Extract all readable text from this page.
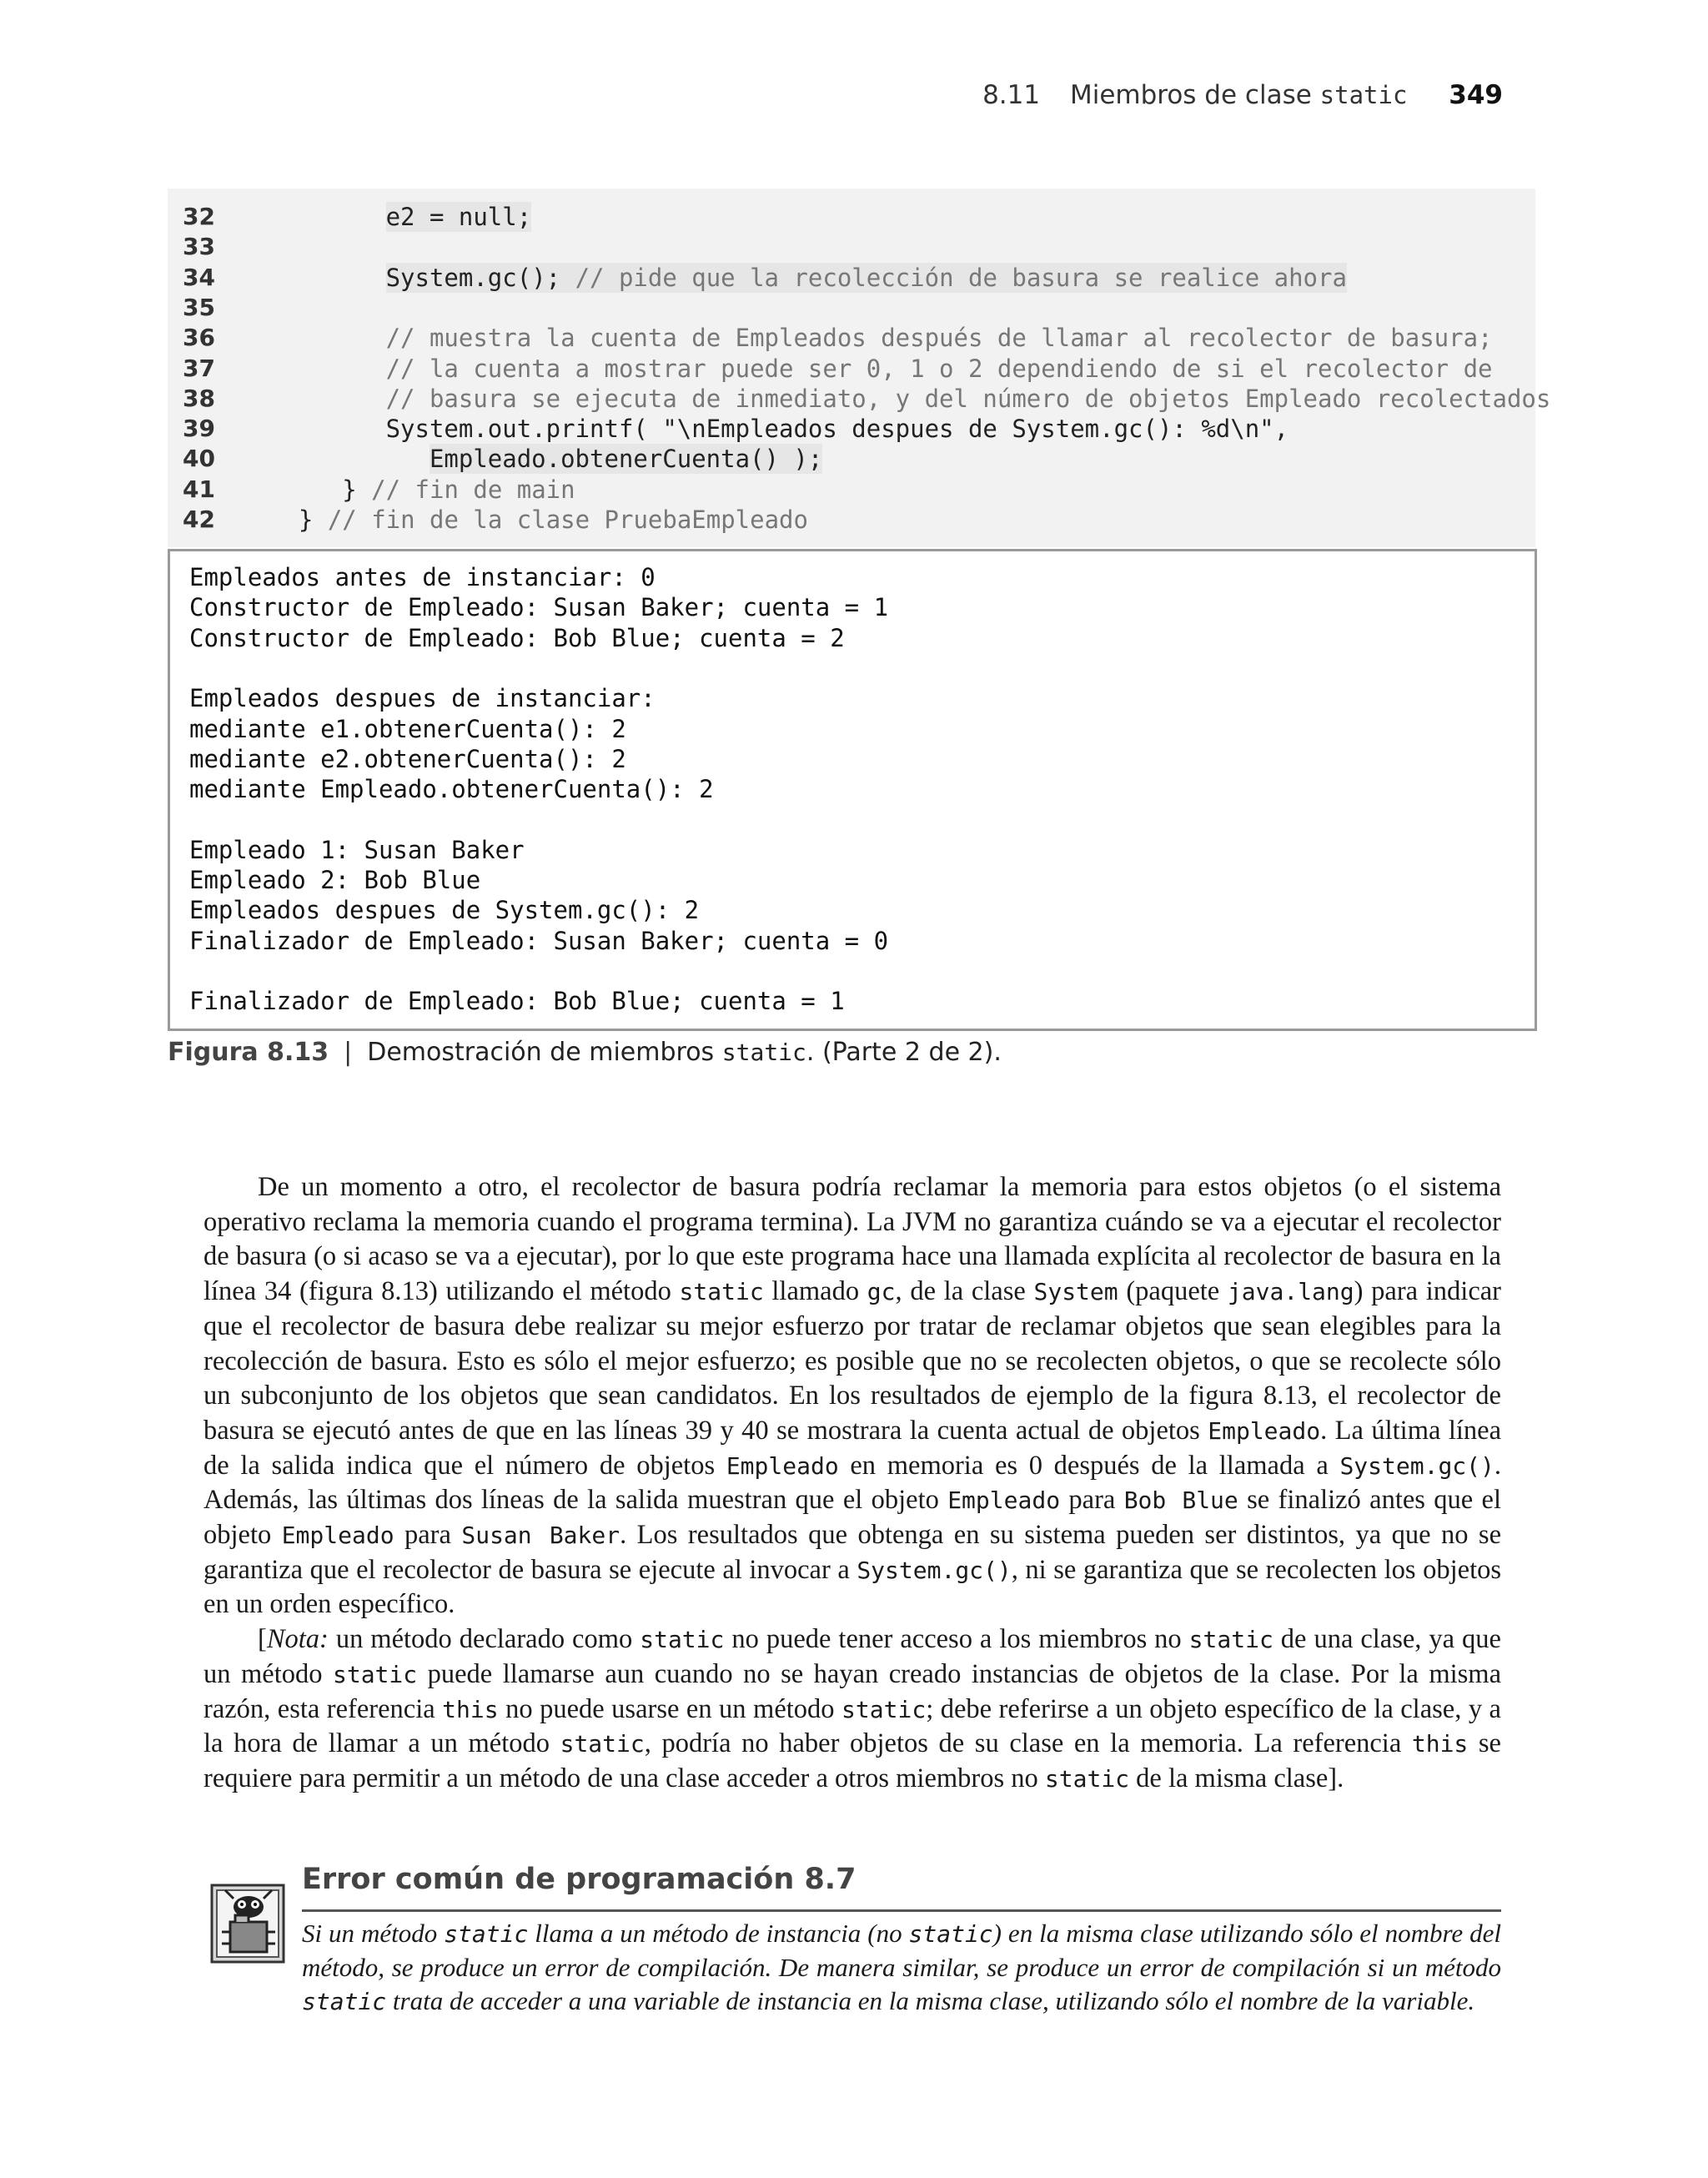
8.11 Miembros de clase static 349
32	e2 = null;
33
34	System.gc(); // pide que la recolección de basura se realice ahora
35
36	// muestra la cuenta de Empleados después de llamar al recolector de basura;
37	// la cuenta a mostrar puede ser 0, 1 o 2 dependiendo de si el recolector de
38	// basura se ejecuta de inmediato, y del número de objetos Empleado recolectados
39	System.out.printf( "\nEmpleados despues de System.gc(): %d\n",
40	Empleado.obtenerCuenta() );
41	} // fin de main
42	} // fin de la clase PruebaEmpleado
Empleados antes de instanciar: 0
Constructor de Empleado: Susan Baker; cuenta = 1
Constructor de Empleado: Bob Blue; cuenta = 2
Empleados despues de instanciar:
mediante e1.obtenerCuenta(): 2
mediante e2.obtenerCuenta(): 2
mediante Empleado.obtenerCuenta(): 2
Empleado 1: Susan Baker
Empleado 2: Bob Blue
Empleados despues de System.gc(): 2
Finalizador de Empleado: Susan Baker; cuenta = 0
Finalizador de Empleado: Bob Blue; cuenta = 1
Figura 8.13 | Demostración de miembros static. (Parte 2 de 2).

De un momento a otro, el recolector de basura podría reclamar la memoria para estos objetos (o el sistema operativo reclama la memoria cuando el programa termina). La JVM no garantiza cuándo se va a ejecutar el recolector de basura (o si acaso se va a ejecutar), por lo que este programa hace una llamada explícita al recolector de basura en la línea 34 (figura 8.13) utilizando el método static llamado gc, de la clase System (paquete java.lang) para indicar que el recolector de basura debe realizar su mejor esfuerzo por tratar de reclamar objetos que sean elegibles para la recolección de basura. Esto es sólo el mejor esfuerzo; es posible que no se recolecten objetos, o que se recolecte sólo un subconjunto de los objetos que sean candidatos. En los resultados de ejemplo de la figura 8.13, el recolector de basura se ejecutó antes de que en las líneas 39 y 40 se mostrara la cuenta actual de objetos Empleado. La última línea de la salida indica que el número de objetos Empleado en memoria es 0 después de la llamada a System.gc(). Además, las últimas dos líneas de la salida muestran que el objeto Empleado para Bob Blue se finalizó antes que el objeto Empleado para Susan Baker. Los resultados que obtenga en su sistema pueden ser distintos, ya que no se garantiza que el recolector de basura se ejecute al invocar a System.gc(), ni se garantiza que se recolecten los objetos en un orden específico.

[Nota: un método declarado como static no puede tener acceso a los miembros no static de una clase, ya que un método static puede llamarse aun cuando no se hayan creado instancias de objetos de la clase. Por la misma razón, esta referencia this no puede usarse en un método static; debe referirse a un objeto específico de la clase, y a la hora de llamar a un método static, podría no haber objetos de su clase en la memoria. La referencia this se requiere para permitir a un método de una clase acceder a otros miembros no static de la misma clase].

Error común de programación 8.7
Si un método static llama a un método de instancia (no static) en la misma clase utilizando sólo el nombre del método, se produce un error de compilación. De manera similar, se produce un error de compilación si un método static trata de acceder a una variable de instancia en la misma clase, utilizando sólo el nombre de la variable.
